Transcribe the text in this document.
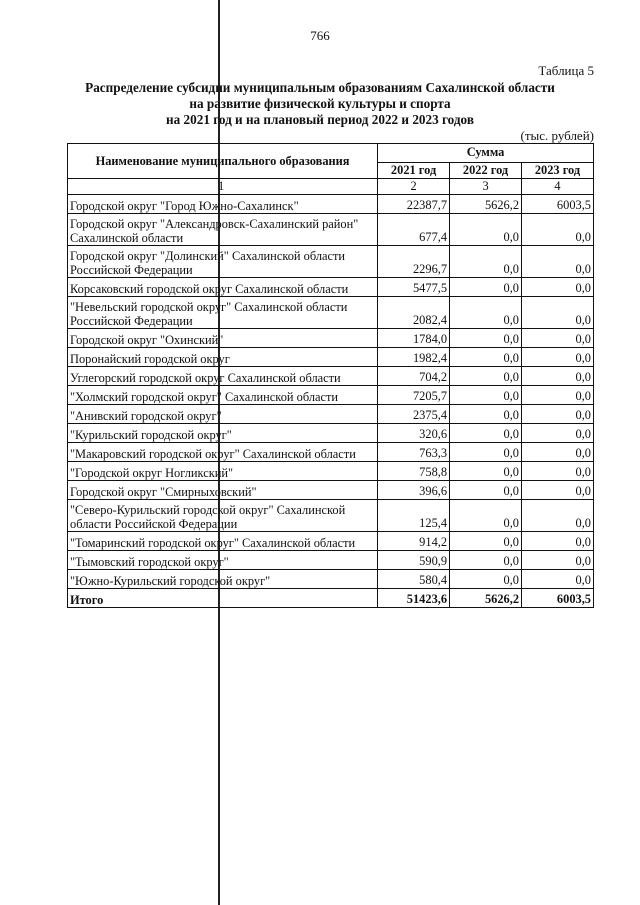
766
Таблица 5
Распределение субсидии муниципальным образованиям Сахалинской области
на развитие физической культуры и спорта
на 2021 год и на плановый период 2022 и 2023 годов
(тыс. рублей)
Наименование муниципального образования	Сумма		
	2021 год	2022 год	2023 год
1	2	3	4
Городской округ "Город Южно-Сахалинск"	22387,7	5626,2	6003,5
Городской округ "Александровск-Сахалинский район" Сахалинской области	677,4	0,0	0,0
Городской округ "Долинский" Сахалинской области Российской Федерации	2296,7	0,0	0,0
Корсаковский городской округ Сахалинской области	5477,5	0,0	0,0
"Невельский городской округ" Сахалинской области Российской Федерации	2082,4	0,0	0,0
Городской округ "Охинский"	1784,0	0,0	0,0
Поронайский городской округ	1982,4	0,0	0,0
Углегорский городской округ Сахалинской области	704,2	0,0	0,0
"Холмский городской округ" Сахалинской области	7205,7	0,0	0,0
"Анивский городской округ"	2375,4	0,0	0,0
"Курильский городской округ"	320,6	0,0	0,0
"Макаровский городской округ" Сахалинской области	763,3	0,0	0,0
"Городской округ Ногликский"	758,8	0,0	0,0
Городской округ "Смирныховский"	396,6	0,0	0,0
"Северо-Курильский городской округ" Сахалинской области Российской Федерации	125,4	0,0	0,0
"Томаринский городской округ" Сахалинской области	914,2	0,0	0,0
"Тымовский городской округ"	590,9	0,0	0,0
"Южно-Курильский городской округ"	580,4	0,0	0,0
Итого	51423,6	5626,2	6003,5
